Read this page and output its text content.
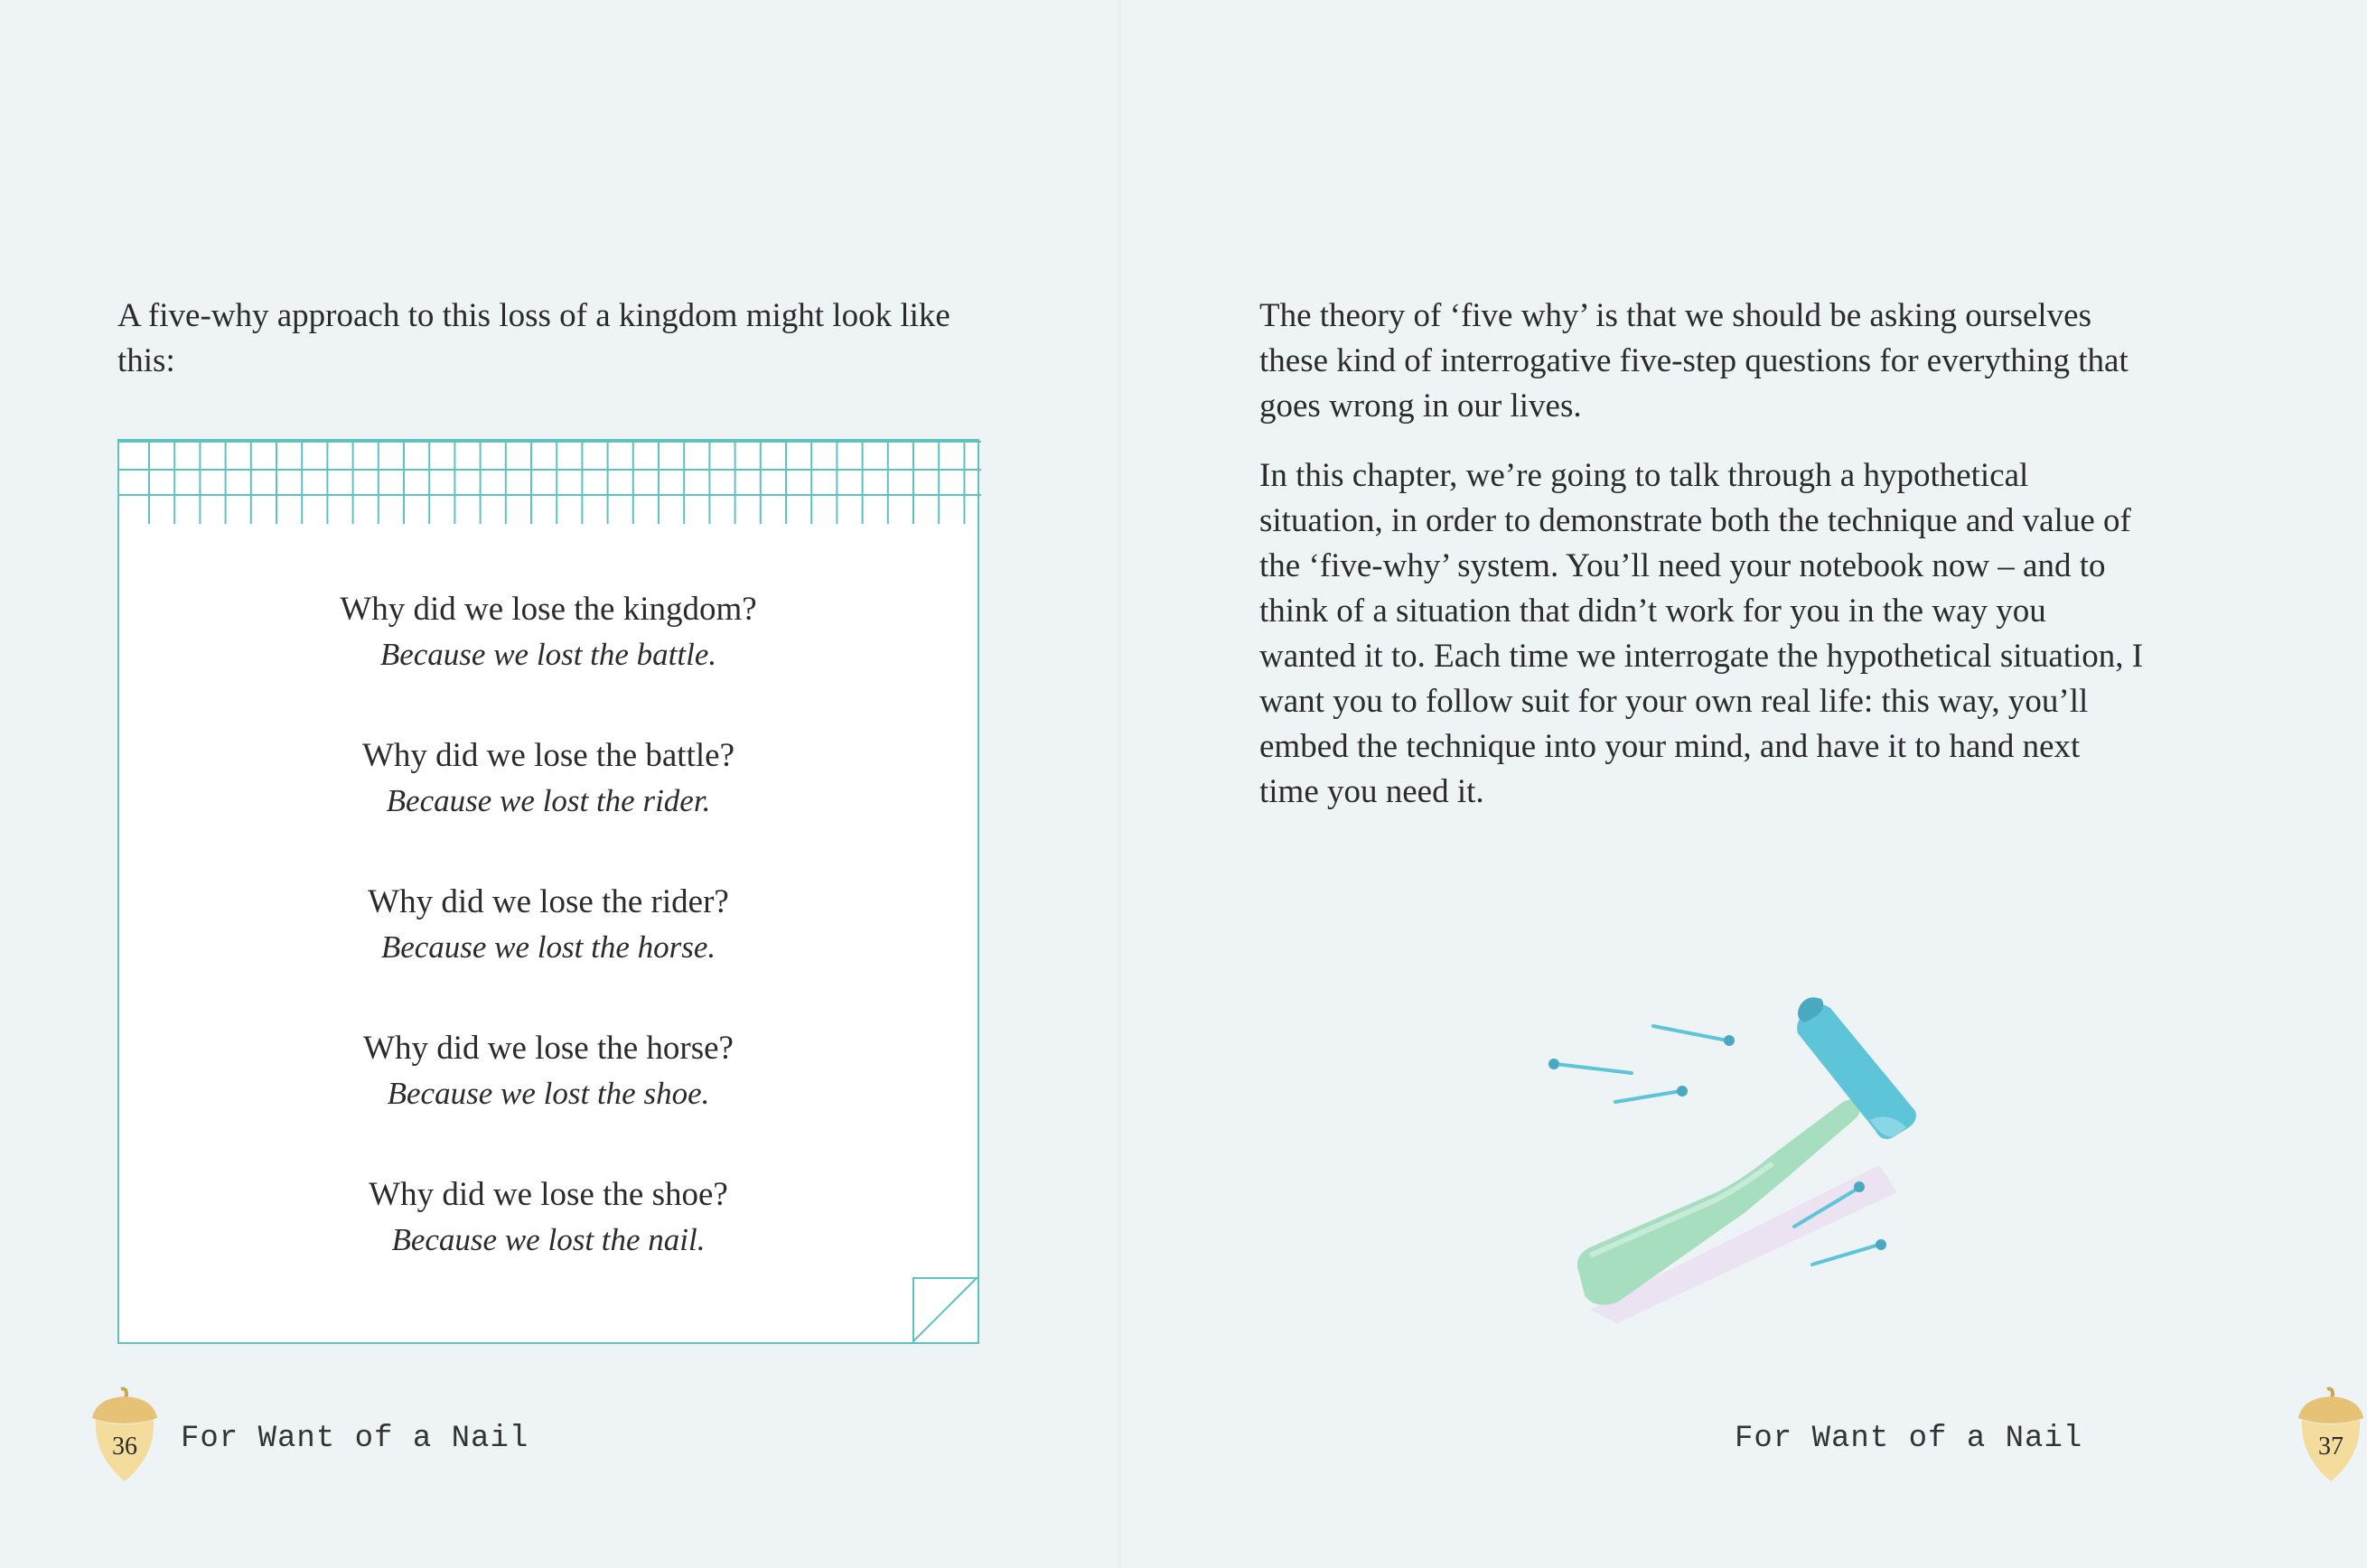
A five-why approach to this loss of a kingdom might look like this:

Why did we lose the kingdom?
Because we lost the battle.
Why did we lose the battle?
Because we lost the rider.
Why did we lose the rider?
Because we lost the horse.
Why did we lose the horse?
Because we lost the shoe.
Why did we lose the shoe?
Because we lost the nail.
36	For Want of a Nail

The theory of ‘five why’ is that we should be asking ourselves these kind of interrogative five-step questions for everything that goes wrong in our lives.

In this chapter, we’re going to talk through a hypothetical situation, in order to demonstrate both the technique and value of the ‘five-why’ system. You’ll need your notebook now – and to think of a situation that didn’t work for you in the way you wanted it to. Each time we interrogate the hypothetical situation, I want you to follow suit for your own real life: this way, you’ll embed the technique into your mind, and have it to hand next time you need it.

For Want of a Nail	37
